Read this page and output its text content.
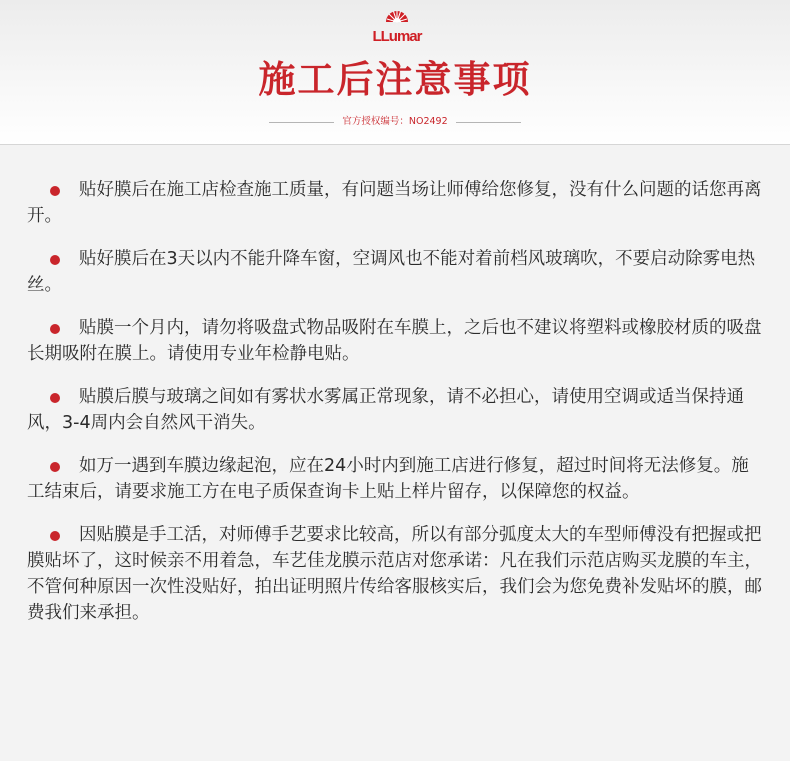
LLumar
施工后注意事项
官方授权编号：NO2492
贴好膜后在施工店检查施工质量，有问题当场让师傅给您修复，没有什么问题的话您再离开。
贴好膜后在3天以内不能升降车窗，空调风也不能对着前档风玻璃吹，不要启动除雾电热丝。
贴膜一个月内，请勿将吸盘式物品吸附在车膜上，之后也不建议将塑料或橡胶材质的吸盘长期吸附在膜上。请使用专业年检静电贴。
贴膜后膜与玻璃之间如有雾状水雾属正常现象，请不必担心，请使用空调或适当保持通风，3-4周内会自然风干消失。
如万一遇到车膜边缘起泡，应在24小时内到施工店进行修复，超过时间将无法修复。施工结束后，请要求施工方在电子质保查询卡上贴上样片留存，以保障您的权益。
因贴膜是手工活，对师傅手艺要求比较高，所以有部分弧度太大的车型师傅没有把握或把膜贴坏了，这时候亲不用着急，车艺佳龙膜示范店对您承诺：凡在我们示范店购买龙膜的车主，不管何种原因一次性没贴好，拍出证明照片传给客服核实后，我们会为您免费补发贴坏的膜，邮费我们来承担。
